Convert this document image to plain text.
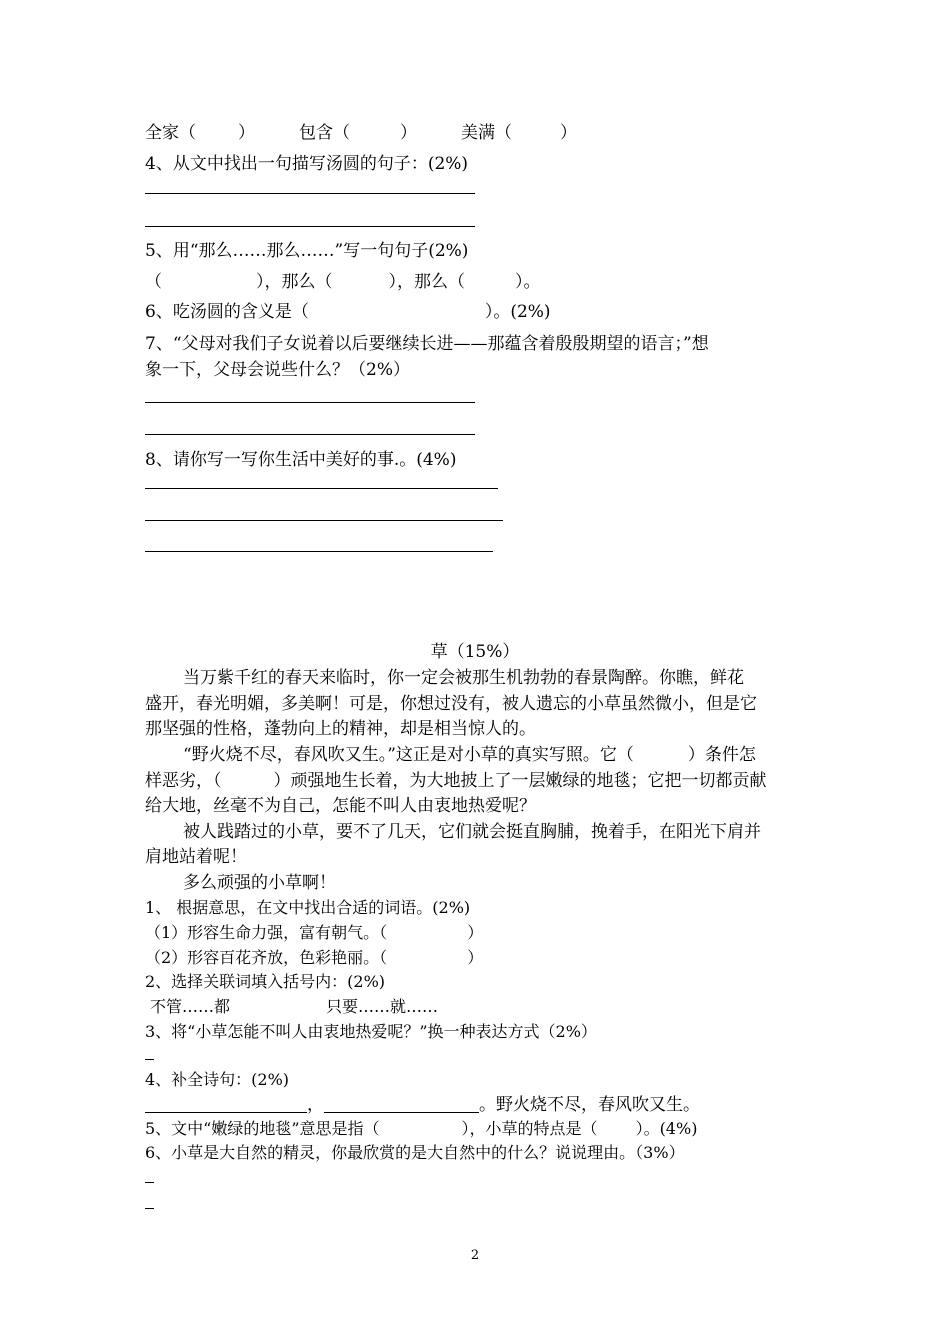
全家（ ）	包含（	）	美满（	）
4、从文中找出一句描写汤圆的句子：(2%)
5、用“那么……那么……”写一句句子(2%)
（	），那么（	），那么（	）。
6、吃汤圆的含义是（	）。(2%)
7、“父母对我们子女说着以后要继续长进——那蕴含着殷殷期望的语言；”想
象一下，父母会说些什么？（2%）
8、请你写一写你生活中美好的事.。(4%)
草（15%）
当万紫千红的春天来临时，你一定会被那生机勃勃的春景陶醉。你瞧，鲜花
盛开，春光明媚，多美啊！可是，你想过没有，被人遗忘的小草虽然微小，但是它
那坚强的性格，蓬勃向上的精神，却是相当惊人的。
“野火烧不尽，春风吹又生。”这正是对小草的真实写照。它（	）条件怎
样恶劣，（	）顽强地生长着，为大地披上了一层嫩绿的地毯；它把一切都贡献
给大地，丝毫不为自己，怎能不叫人由衷地热爱呢？
被人践踏过的小草，要不了几天，它们就会挺直胸脯，挽着手，在阳光下肩并
肩地站着呢！
多么顽强的小草啊！
1、 根据意思，在文中找出合适的词语。(2%)
（1）形容生命力强，富有朝气。（	）
（2）形容百花齐放，色彩艳丽。（	）
2、选择关联词填入括号内：(2%)
不管……都	只要……就……
3、将“小草怎能不叫人由衷地热爱呢？”换一种表达方式（2%）
4、补全诗句：(2%)
，	。野火烧不尽，春风吹又生。
5、文中“嫩绿的地毯”意思是指（	），小草的特点是（ ）。(4%)
6、小草是大自然的精灵，你最欣赏的是大自然中的什么？说说理由。（3%）
2
